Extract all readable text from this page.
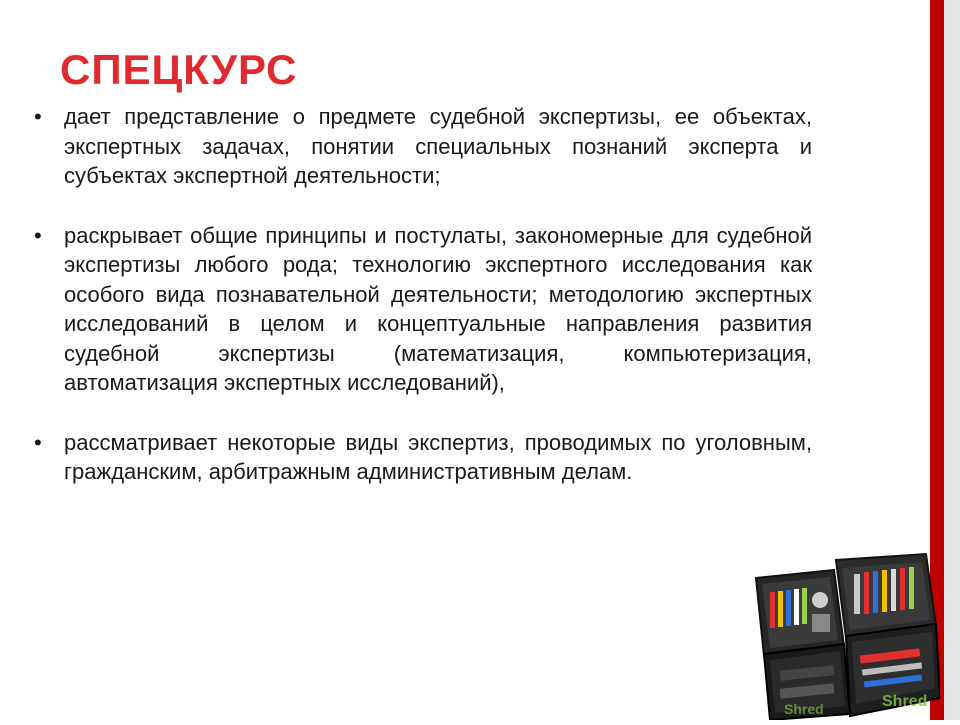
СПЕЦКУРС
• дает представление о предмете судебной экспертизы, ее объектах, экспертных задачах, понятии специальных познаний эксперта и субъектах экспертной деятельности;
• раскрывает общие принципы и постулаты, закономерные для судебной экспертизы любого рода; технологию экспертного исследования как особого вида познавательной деятельности; методологию экспертных исследований в целом и концептуальные направления развития судебной экспертизы (математизация, компьютеризация, автоматизация экспертных исследований),
• рассматривает некоторые виды экспертиз, проводимых по уголовным, гражданским, арбитражным административным делам.
Shred
Shred
